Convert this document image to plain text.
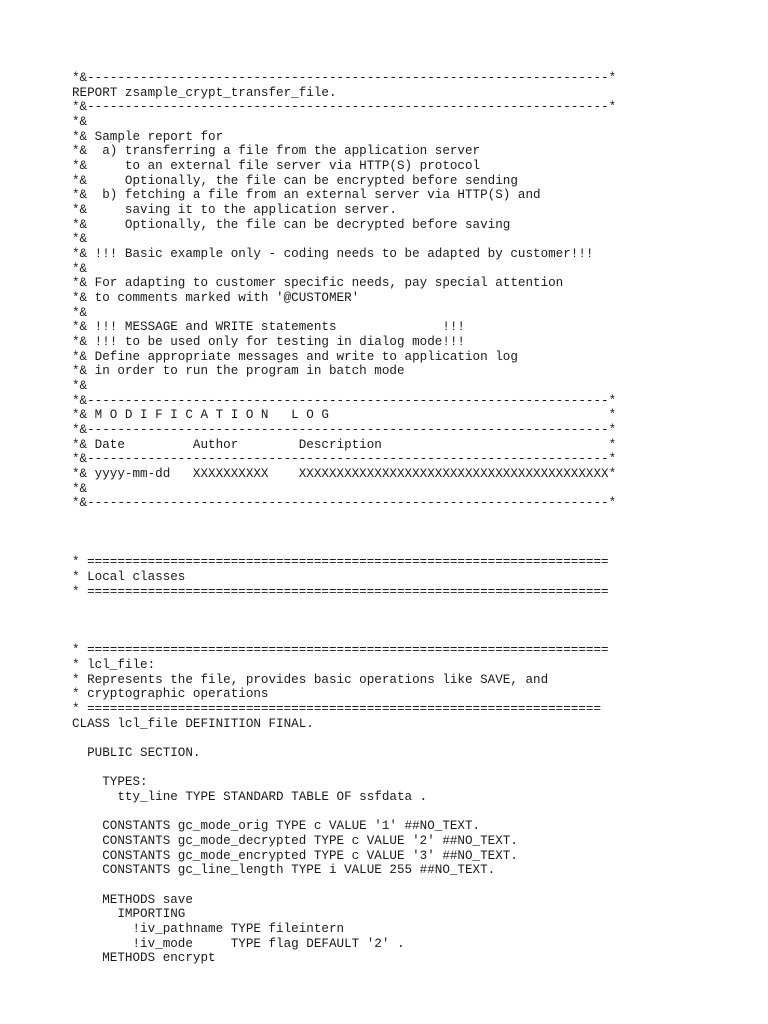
*&---------------------------------------------------------------------*
REPORT zsample_crypt_transfer_file.
*&---------------------------------------------------------------------*
*&
*& Sample report for
*&  a) transferring a file from the application server
*&     to an external file server via HTTP(S) protocol
*&     Optionally, the file can be encrypted before sending
*&  b) fetching a file from an external server via HTTP(S) and
*&     saving it to the application server.
*&     Optionally, the file can be decrypted before saving
*&
*& !!! Basic example only - coding needs to be adapted by customer!!!
*&
*& For adapting to customer specific needs, pay special attention
*& to comments marked with '@CUSTOMER'
*&
*& !!! MESSAGE and WRITE statements              !!!
*& !!! to be used only for testing in dialog mode!!!
*& Define appropriate messages and write to application log
*& in order to run the program in batch mode
*&
*&---------------------------------------------------------------------*
*& M O D I F I C A T I O N   L O G                                     *
*&---------------------------------------------------------------------*
*& Date         Author        Description                              *
*&---------------------------------------------------------------------*
*& yyyy-mm-dd   XXXXXXXXXX    XXXXXXXXXXXXXXXXXXXXXXXXXXXXXXXXXXXXXXXXX*
*&
*&---------------------------------------------------------------------*
* =====================================================================
* Local classes
* =====================================================================
* =====================================================================
* lcl_file:
* Represents the file, provides basic operations like SAVE, and
* cryptographic operations
* ====================================================================
CLASS lcl_file DEFINITION FINAL.
PUBLIC SECTION.
TYPES:
tty_line TYPE STANDARD TABLE OF ssfdata .
CONSTANTS gc_mode_orig TYPE c VALUE '1' ##NO_TEXT.
CONSTANTS gc_mode_decrypted TYPE c VALUE '2' ##NO_TEXT.
CONSTANTS gc_mode_encrypted TYPE c VALUE '3' ##NO_TEXT.
CONSTANTS gc_line_length TYPE i VALUE 255 ##NO_TEXT.
METHODS save
IMPORTING
!iv_pathname TYPE fileintern
!iv_mode     TYPE flag DEFAULT '2' .
METHODS encrypt
